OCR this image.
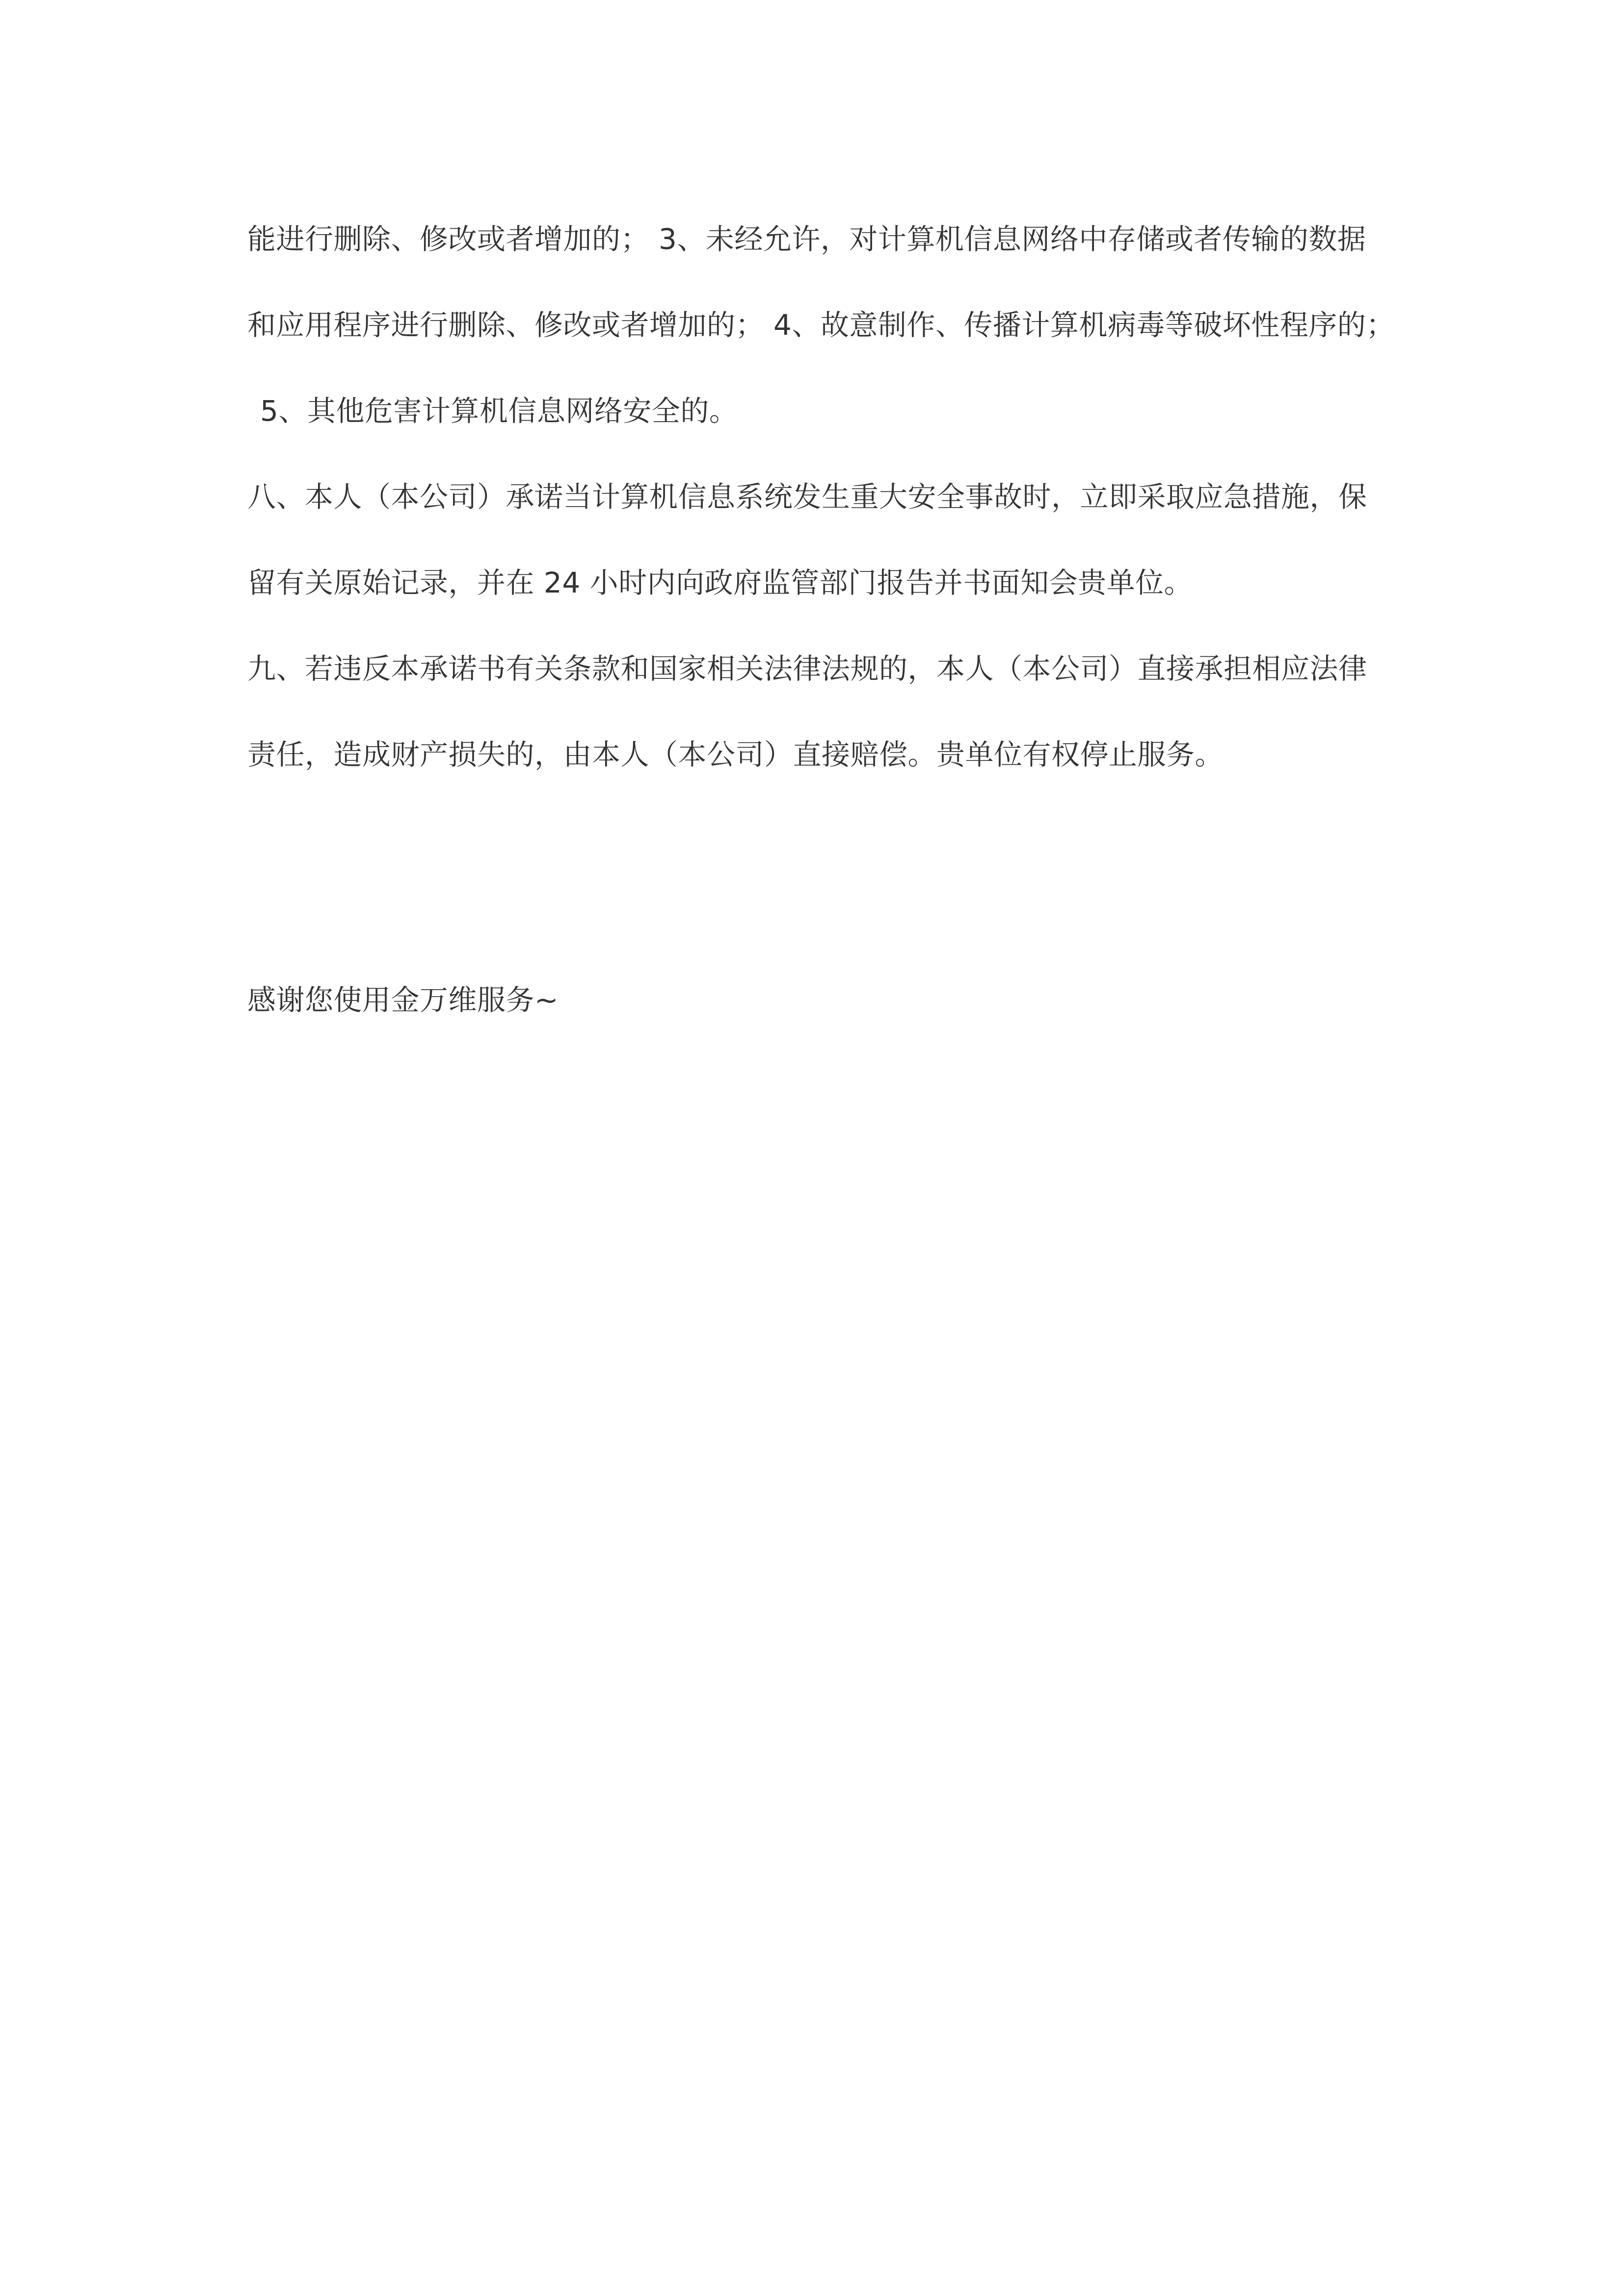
能进行删除、修改或者增加的； 3、未经允许，对计算机信息网络中存储或者传输的数据
和应用程序进行删除、修改或者增加的； 4、故意制作、传播计算机病毒等破坏性程序的；
5、其他危害计算机信息网络安全的。
八、本人（本公司）承诺当计算机信息系统发生重大安全事故时，立即采取应急措施，保
留有关原始记录，并在 24 小时内向政府监管部门报告并书面知会贵单位。
九、若违反本承诺书有关条款和国家相关法律法规的，本人（本公司）直接承担相应法律
责任，造成财产损失的，由本人（本公司）直接赔偿。贵单位有权停止服务。
感谢您使用金万维服务~
